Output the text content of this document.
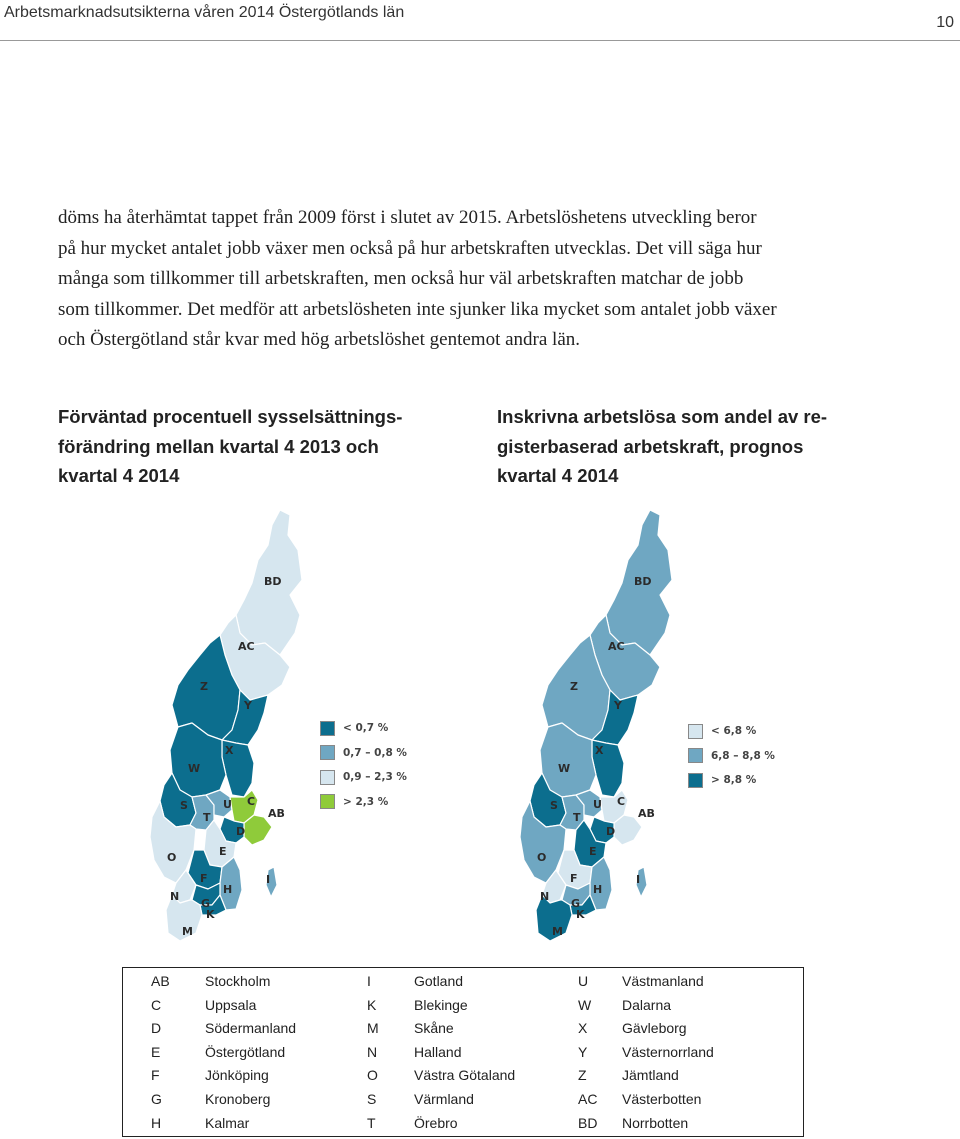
Arbetsmarknadsutsikterna våren 2014 Östergötlands län
10
döms ha återhämtat tappet från 2009 först i slutet av 2015. Arbetslöshetens utveckling beror
på hur mycket antalet jobb växer men också på hur arbetskraften utvecklas. Det vill säga hur
många som tillkommer till arbetskraften, men också hur väl arbetskraften matchar de jobb
som tillkommer. Det medför att arbetslösheten inte sjunker lika mycket som antalet jobb växer
och Östergötland står kvar med hög arbetslöshet gentemot andra län.
Förväntad procentuell sysselsättnings-
förändring mellan kvartal 4 2013 och
kvartal 4 2014
Inskrivna arbetslösa som andel av re-
gisterbaserad arbetskraft, prognos
kvartal 4 2014
BD
AC
Z
Y
X
W
S
T
U C
AB
D
O	E
F
H
I
N
G
K
M
BD
AC
Z
Y
X
W
S
T
U C
AB
D
O	E
F
H
I
N
G
K
M
< 0,7 %
0,7 – 0,8 %
0,9 – 2,3 %
> 2,3 %
< 6,8 %
6,8 – 8,8 %
> 8,8 %
AB	Stockholm	I	Gotland	U Västmanland
C	Uppsala	K	Blekinge	W Dalarna
D	Södermanland	M	Skåne	X Gävleborg
E	Östergötland	N	Halland	Y Västernorrland
F	Jönköping	O	Västra Götaland	Z	Jämtland
G	Kronoberg	S	Värmland	AC Västerbotten
H	Kalmar	T	Örebro	BD Norrbotten
